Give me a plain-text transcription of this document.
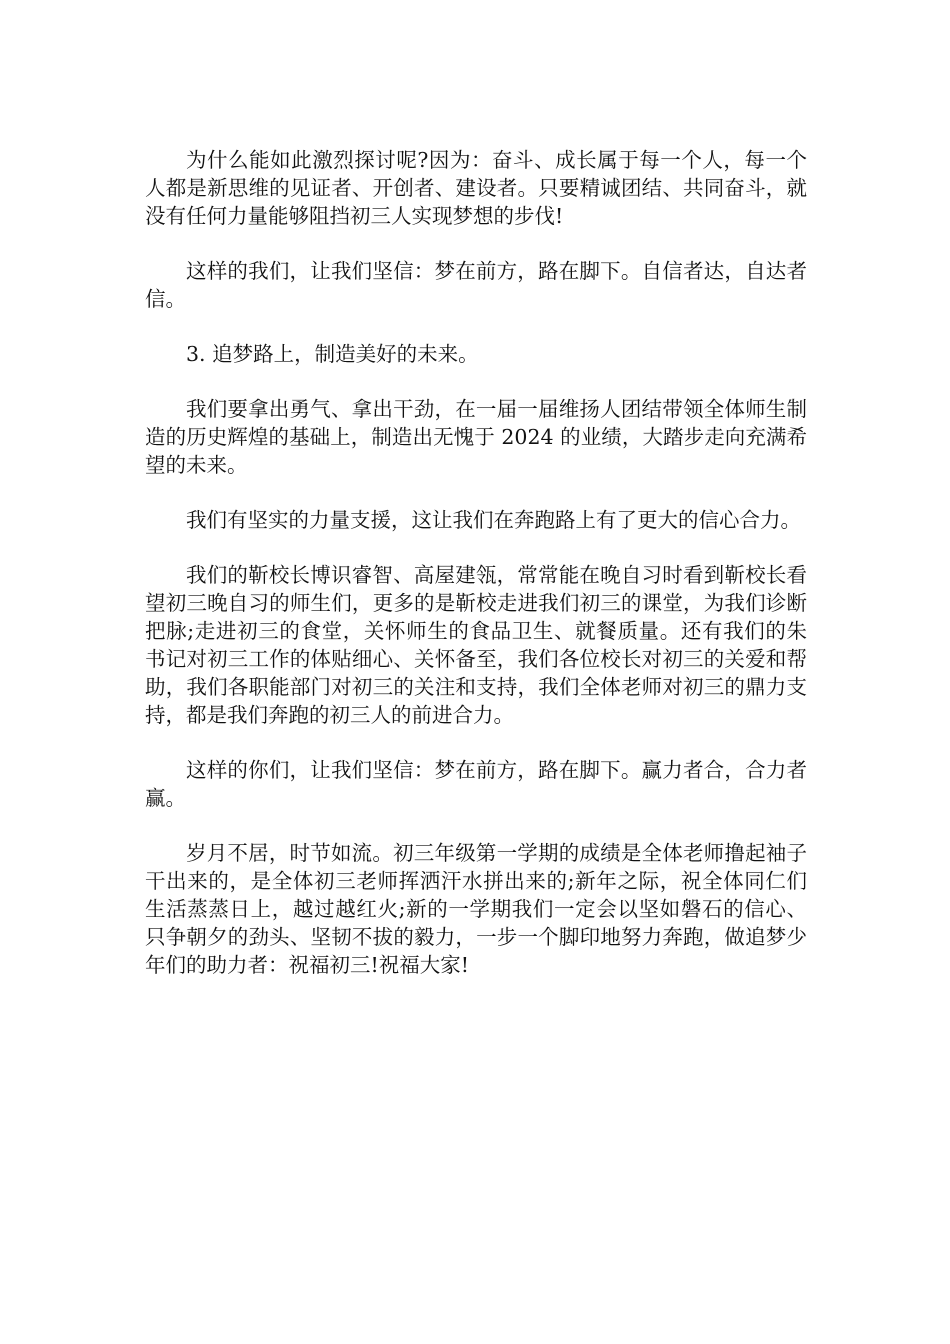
为什么能如此激烈探讨呢?因为：奋斗、成长属于每一个人，每一个人都是新思维的见证者、开创者、建设者。只要精诚团结、共同奋斗，就没有任何力量能够阻挡初三人实现梦想的步伐!

这样的我们，让我们坚信：梦在前方，路在脚下。自信者达，自达者信。

3. 追梦路上，制造美好的未来。

我们要拿出勇气、拿出干劲，在一届一届维扬人团结带领全体师生制造的历史辉煌的基础上，制造出无愧于 2024 的业绩，大踏步走向充满希望的未来。

我们有坚实的力量支援，这让我们在奔跑路上有了更大的信心合力。

我们的靳校长博识睿智、高屋建瓴，常常能在晚自习时看到靳校长看望初三晚自习的师生们，更多的是靳校走进我们初三的课堂，为我们诊断把脉;走进初三的食堂，关怀师生的食品卫生、就餐质量。还有我们的朱书记对初三工作的体贴细心、关怀备至，我们各位校长对初三的关爱和帮助，我们各职能部门对初三的关注和支持，我们全体老师对初三的鼎力支持，都是我们奔跑的初三人的前进合力。

这样的你们，让我们坚信：梦在前方，路在脚下。赢力者合，合力者赢。

岁月不居，时节如流。初三年级第一学期的成绩是全体老师撸起袖子干出来的，是全体初三老师挥洒汗水拼出来的;新年之际，祝全体同仁们生活蒸蒸日上，越过越红火;新的一学期我们一定会以坚如磐石的信心、只争朝夕的劲头、坚韧不拔的毅力，一步一个脚印地努力奔跑，做追梦少年们的助力者：祝福初三!祝福大家!
